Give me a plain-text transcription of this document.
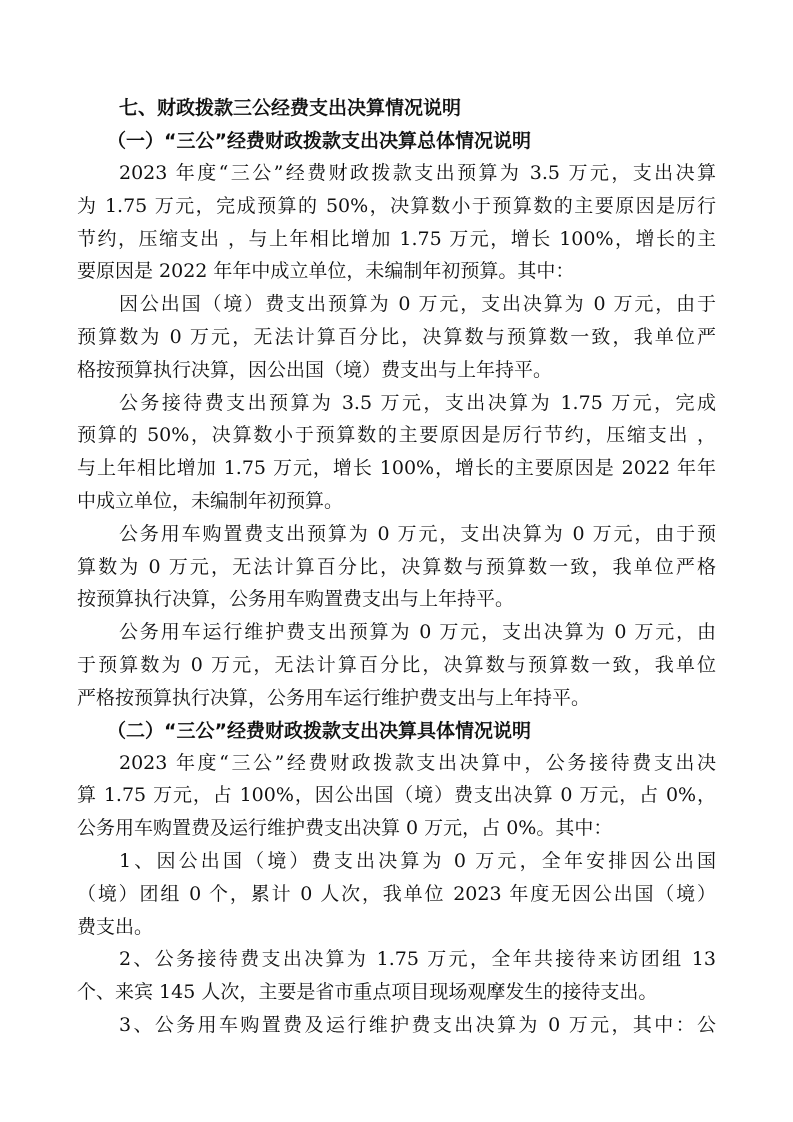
七、财政拨款三公经费支出决算情况说明
（一）“三公”经费财政拨款支出决算总体情况说明
2023 年度“三公”经费财政拨款支出预算为 3.5 万元，支出决算
为 1.75 万元，完成预算的 50%，决算数小于预算数的主要原因是厉行
节约，压缩支出 ，与上年相比增加 1.75 万元，增长 100%，增长的主
要原因是 2022 年年中成立单位，未编制年初预算。其中：
因公出国（境）费支出预算为 0 万元，支出决算为 0 万元，由于
预算数为 0 万元，无法计算百分比，决算数与预算数一致，我单位严
格按预算执行决算，因公出国（境）费支出与上年持平。
公务接待费支出预算为 3.5 万元，支出决算为 1.75 万元，完成
预算的 50%，决算数小于预算数的主要原因是厉行节约，压缩支出 ，
与上年相比增加 1.75 万元，增长 100%，增长的主要原因是 2022 年年
中成立单位，未编制年初预算。
公务用车购置费支出预算为 0 万元，支出决算为 0 万元，由于预
算数为 0 万元，无法计算百分比，决算数与预算数一致，我单位严格
按预算执行决算，公务用车购置费支出与上年持平。
公务用车运行维护费支出预算为 0 万元，支出决算为 0 万元，由
于预算数为 0 万元，无法计算百分比，决算数与预算数一致，我单位
严格按预算执行决算，公务用车运行维护费支出与上年持平。
（二）“三公”经费财政拨款支出决算具体情况说明
2023 年度“三公”经费财政拨款支出决算中，公务接待费支出决
算 1.75 万元，占 100%，因公出国（境）费支出决算 0 万元，占 0%，
公务用车购置费及运行维护费支出决算 0 万元，占 0%。其中：
1、因公出国（境）费支出决算为 0 万元，全年安排因公出国
（境）团组 0 个，累计 0 人次，我单位 2023 年度无因公出国（境）
费支出。
2、公务接待费支出决算为 1.75 万元，全年共接待来访团组 13
个、来宾 145 人次，主要是省市重点项目现场观摩发生的接待支出。
3、公务用车购置费及运行维护费支出决算为 0 万元，其中：公
